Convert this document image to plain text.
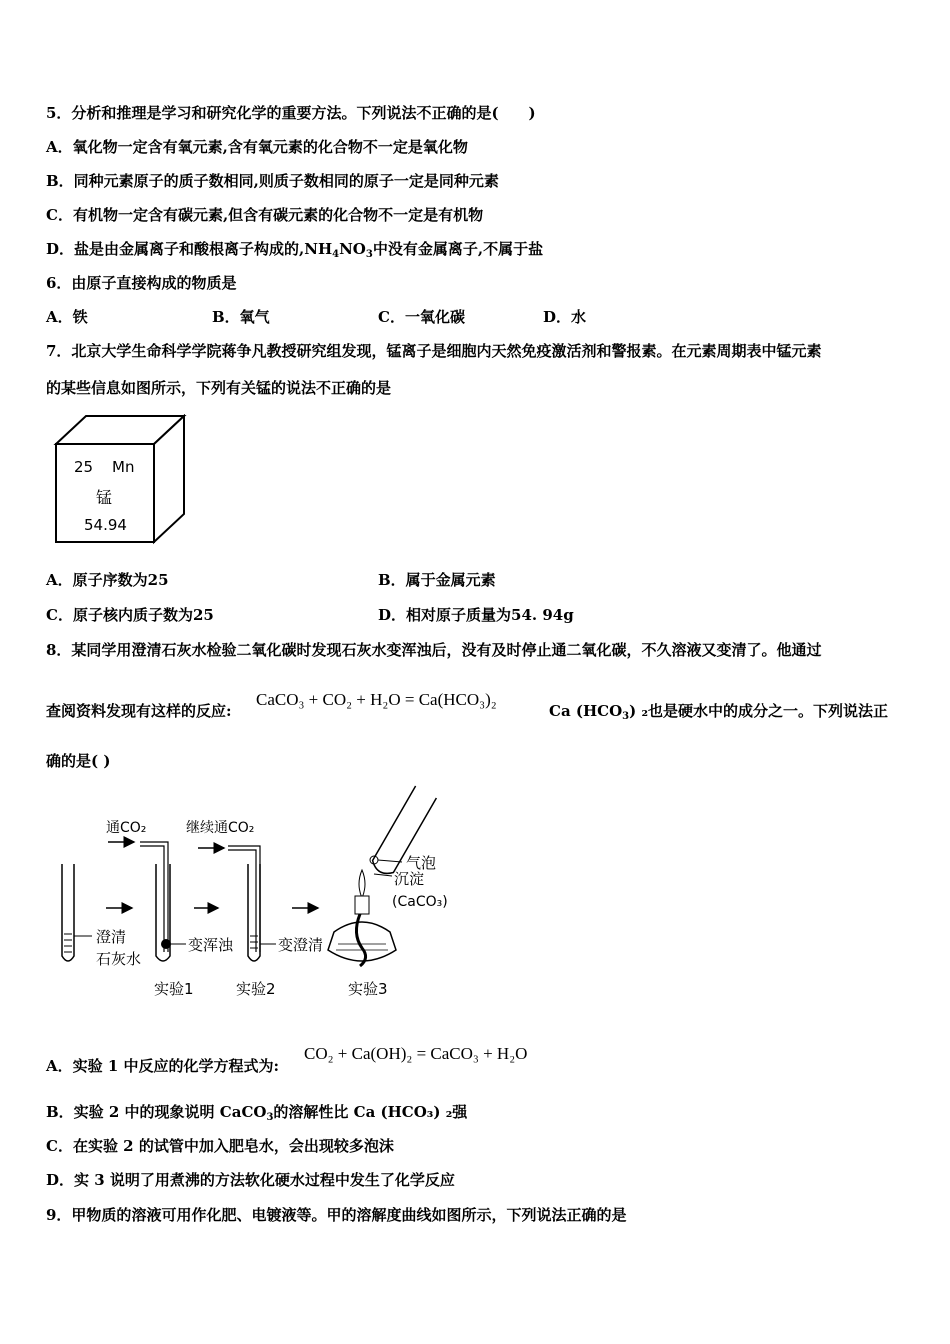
5．分析和推理是学习和研究化学的重要方法。下列说法不正确的是(　　)
A．氧化物一定含有氧元素,含有氧元素的化合物不一定是氧化物
B．同种元素原子的质子数相同,则质子数相同的原子一定是同种元素
C．有机物一定含有碳元素,但含有碳元素的化合物不一定是有机物
D．盐是由金属离子和酸根离子构成的$,NH_4NO_3$中没有金属离子,不属于盐
6．由原子直接构成的物质是
A．铁	B．氧气	C．一氧化碳	D．水
7．北京大学生命科学学院蒋争凡教授研究组发现，锰离子是细胞内天然免疫激活剂和警报素。在元素周期表中锰元素
的某些信息如图所示，下列有关锰的说法不正确的是
25 Mn
锰
54.94
A．原子序数为25	B．属于金属元素
C．原子核内质子数为25	D．相对原子质量为54. 94g
8．某同学用澄清石灰水检验二氧化碳时发现石灰水变浑浊后，没有及时停止通二氧化碳，不久溶液又变清了。他通过
查阅资料发现有这样的反应:
CaCO₃ + CO₂ + H₂O = Ca(HCO₃)₂
Ca $(HCO_3)$ ₂也是硬水中的成分之一。下列说法正
确的是( )
澄清
石灰水
通CO₂
变浑浊
实验1
继续通CO₂
变澄清
实验2
气泡
沉淀
(CaCO₃)
实验3
A．实验 1 中反应的化学方程式为:
CO₂ + Ca(OH)₂ = CaCO₃ + H₂O
B．实验 2 中的现象说明 CaCO$_3$的溶解性比 Ca (HCO₃) ₂强
C．在实验 2 的试管中加入肥皂水，会出现较多泡沫
D．实 3 说明了用煮沸的方法软化硬水过程中发生了化学反应
9．甲物质的溶液可用作化肥、电镀液等。甲的溶解度曲线如图所示，下列说法正确的是
